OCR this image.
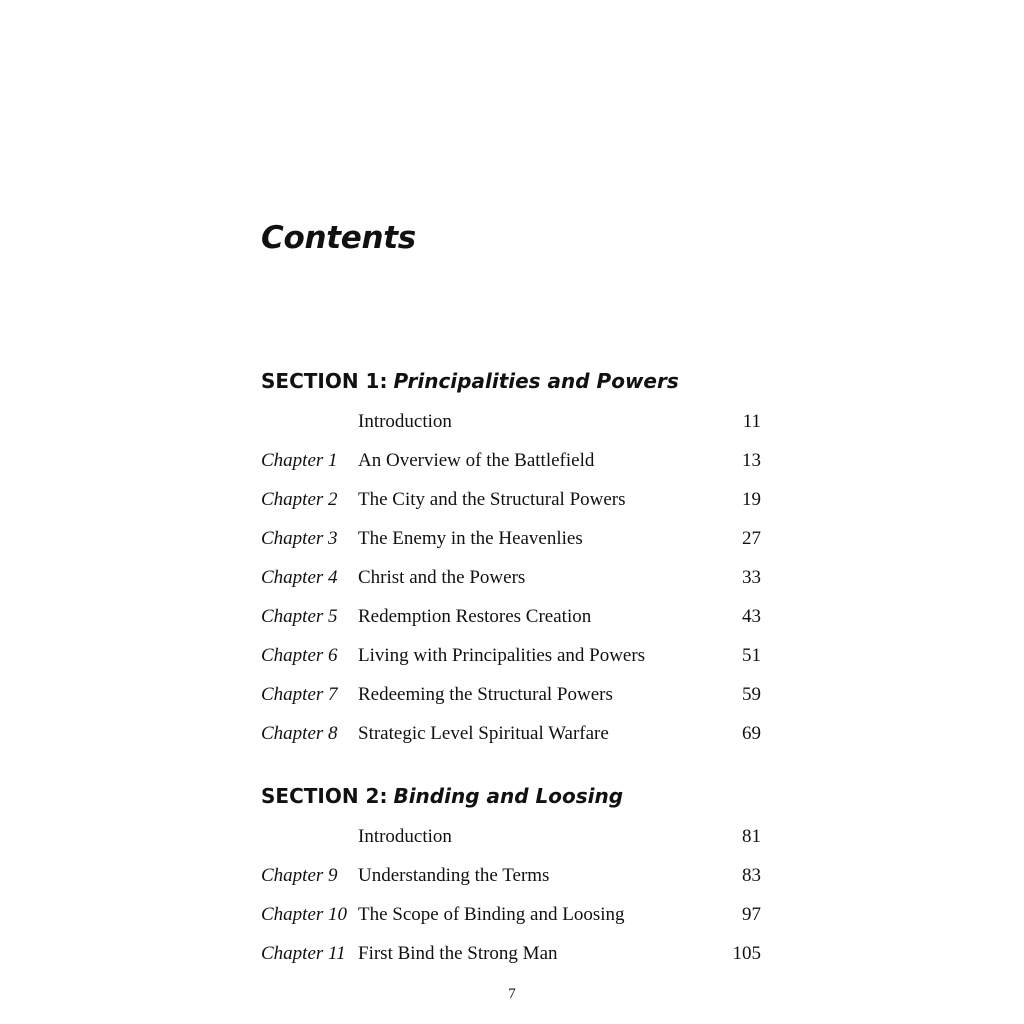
Contents
SECTION 1: Principalities and Powers
Introduction	11
Chapter 1 An Overview of the Battlefield	13
Chapter 2 The City and the Structural Powers	19
Chapter 3 The Enemy in the Heavenlies	27
Chapter 4 Christ and the Powers	33
Chapter 5 Redemption Restores Creation	43
Chapter 6 Living with Principalities and Powers	51
Chapter 7 Redeeming the Structural Powers	59
Chapter 8 Strategic Level Spiritual Warfare	69
SECTION 2: Binding and Loosing
Introduction	81
Chapter 9 Understanding the Terms	83
Chapter 10 The Scope of Binding and Loosing	97
Chapter 11 First Bind the Strong Man	105
7
